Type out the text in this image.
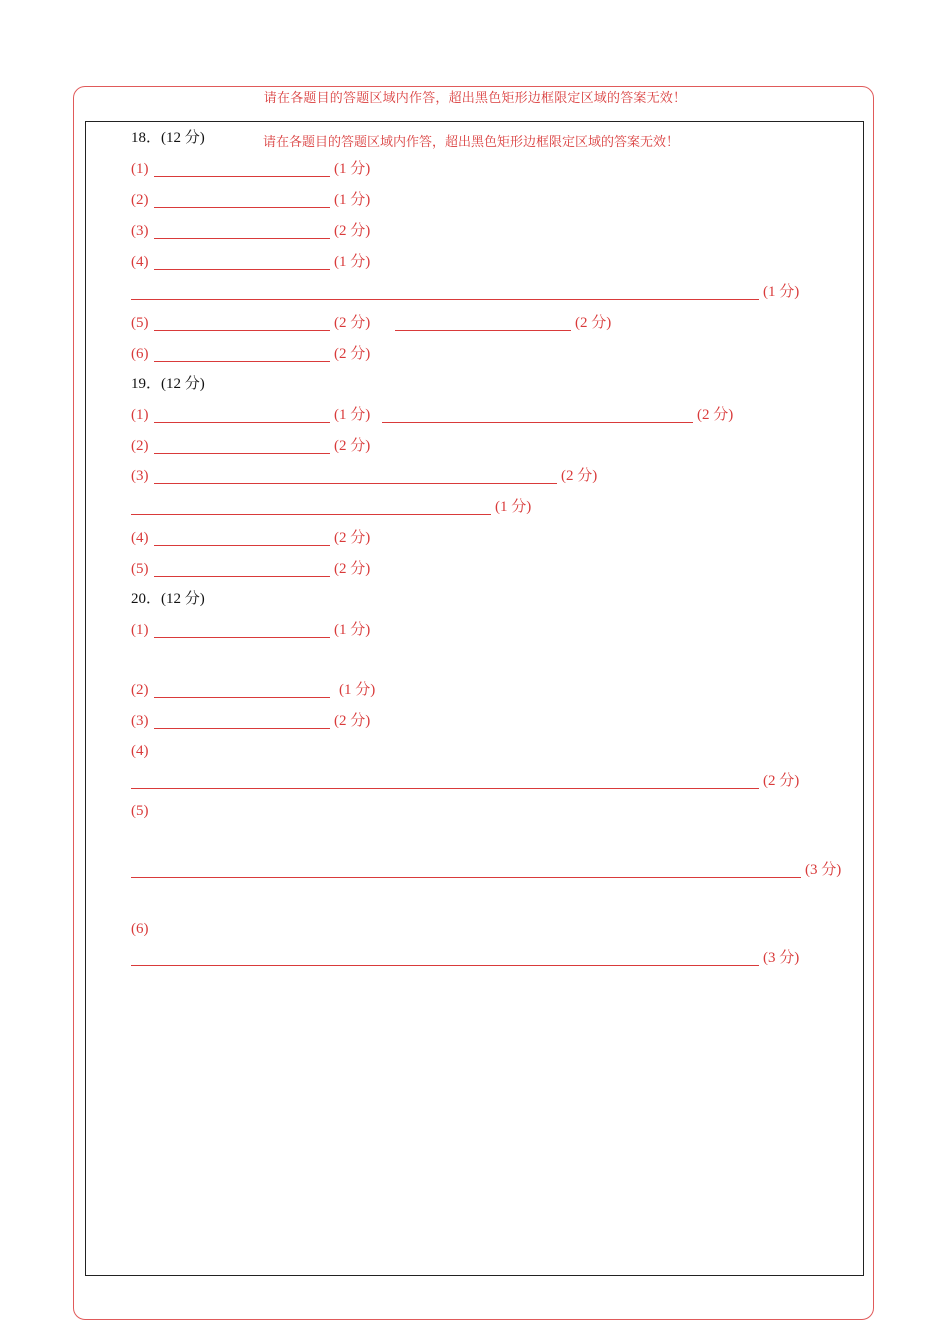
请在各题目的答题区域内作答，超出黑色矩形边框限定区域的答案无效！
请在各题目的答题区域内作答，超出黑色矩形边框限定区域的答案无效！
18．(12 分)
(1)	(1 分)
(2)	(1 分)
(3)	(2 分)
(4)	(1 分)
(1 分)
(5)	(2 分)	(2 分)
(6)	(2 分)
19．(12 分)
(1)	(1 分)	(2 分)
(2)	(2 分)
(3)	(2 分)
(1 分)
(4)	(2 分)
(5)	(2 分)
20．(12 分)
(1)	(1 分)
(2)	(1 分)
(3)	(2 分)
(4)
(2 分)
(5)
(3 分)
(6)
(3 分)
